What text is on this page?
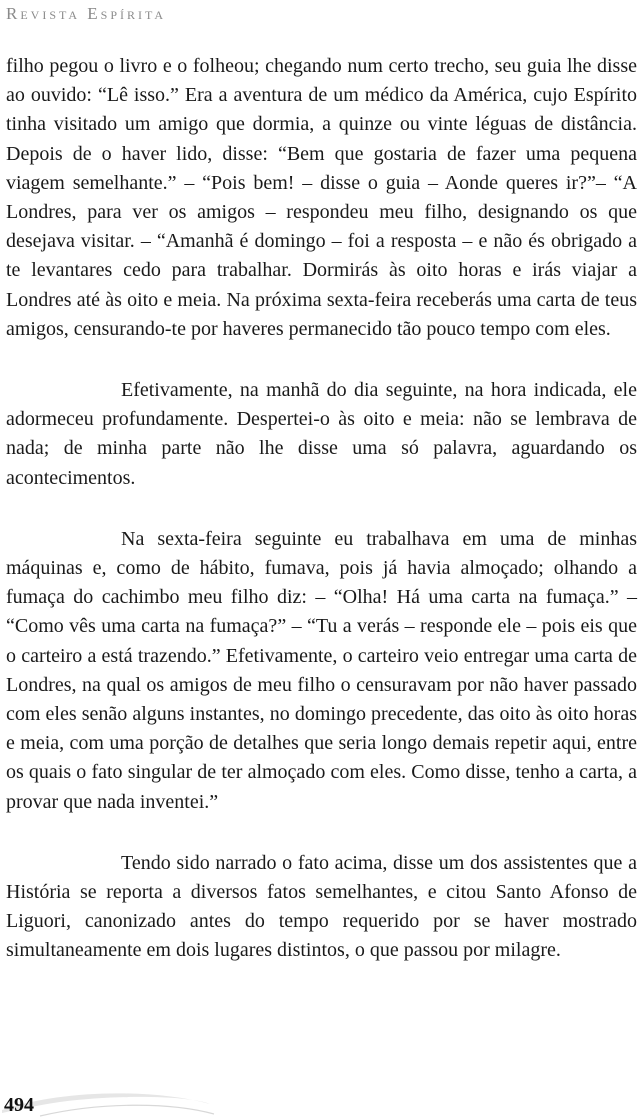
Revista Espírita

filho pegou o livro e o folheou; chegando num certo trecho, seu guia lhe disse ao ouvido: “Lê isso.” Era a aventura de um médico da América, cujo Espírito tinha visitado um amigo que dormia, a quinze ou vinte léguas de distância. Depois de o haver lido, disse: “Bem que gostaria de fazer uma pequena viagem semelhante.” – “Pois bem! – disse o guia – Aonde queres ir?”– “A Londres, para ver os amigos – respondeu meu filho, designando os que desejava visitar. – “Amanhã é domingo – foi a resposta – e não és obrigado a te levantares cedo para trabalhar. Dormirás às oito horas e irás viajar a Londres até às oito e meia. Na próxima sexta-feira receberás uma carta de teus amigos, censurando-te por haveres permanecido tão pouco tempo com eles.

Efetivamente, na manhã do dia seguinte, na hora indicada, ele adormeceu profundamente. Despertei-o às oito e meia: não se lembrava de nada; de minha parte não lhe disse uma só palavra, aguardando os acontecimentos.

Na sexta-feira seguinte eu trabalhava em uma de minhas máquinas e, como de hábito, fumava, pois já havia almoçado; olhando a fumaça do cachimbo meu filho diz: – “Olha! Há uma carta na fumaça.” – “Como vês uma carta na fumaça?” – “Tu a verás – responde ele – pois eis que o carteiro a está trazendo.” Efetivamente, o carteiro veio entregar uma carta de Londres, na qual os amigos de meu filho o censuravam por não haver passado com eles senão alguns instantes, no domingo precedente, das oito às oito horas e meia, com uma porção de detalhes que seria longo demais repetir aqui, entre os quais o fato singular de ter almoçado com eles. Como disse, tenho a carta, a provar que nada inventei.”

Tendo sido narrado o fato acima, disse um dos assistentes que a História se reporta a diversos fatos semelhantes, e citou Santo Afonso de Liguori, canonizado antes do tempo requerido por se haver mostrado simultaneamente em dois lugares distintos, o que passou por milagre.

494
